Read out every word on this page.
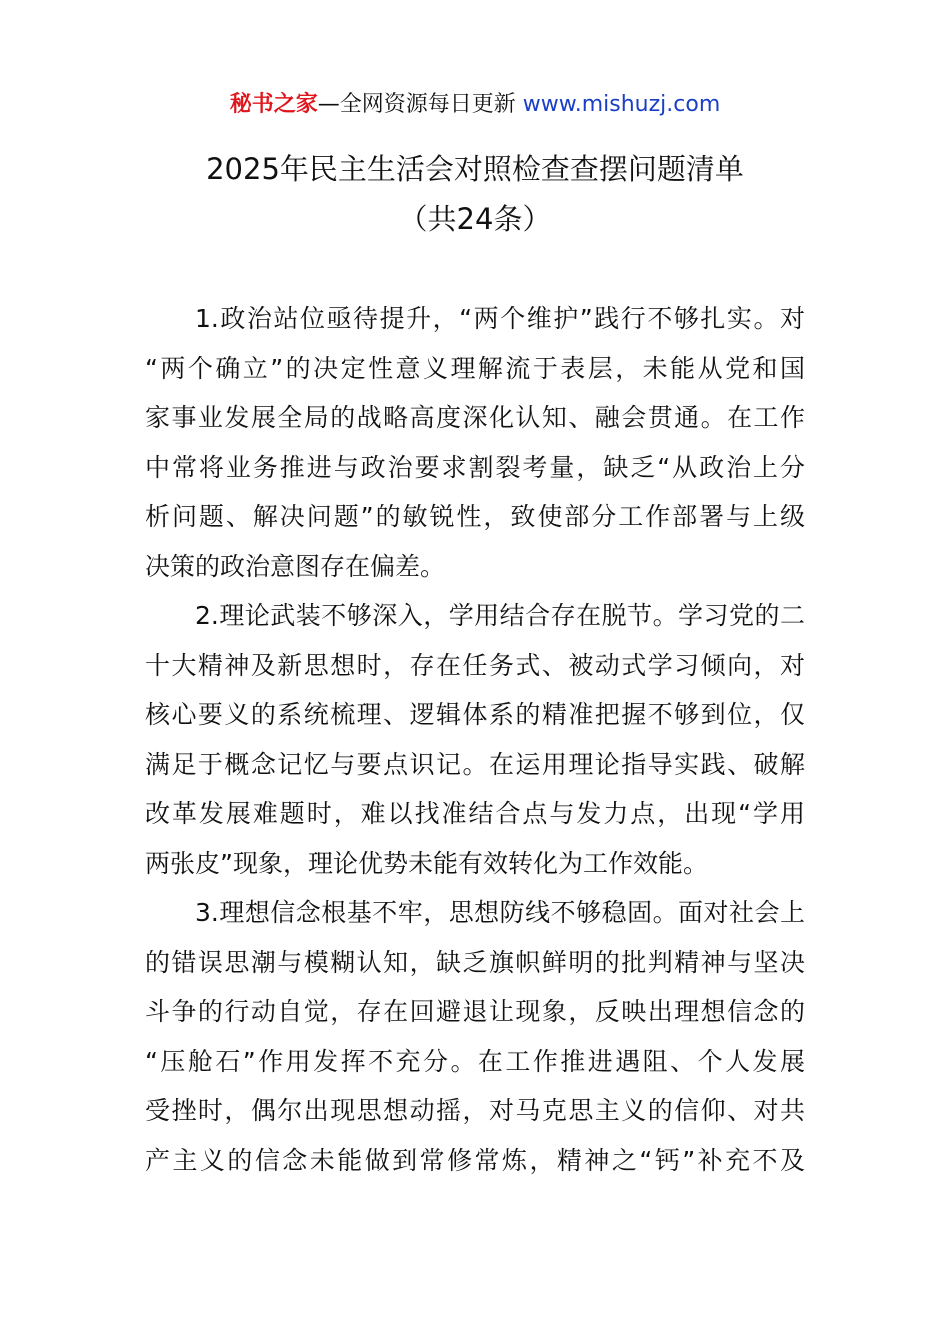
秘书之家—全网资源每日更新 www.mishuzj.com
2025年民主生活会对照检查查摆问题清单
（共24条）
1.政治站位亟待提升，“两个维护”践行不够扎实。对
“两个确立”的决定性意义理解流于表层，未能从党和国
家事业发展全局的战略高度深化认知、融会贯通。在工作
中常将业务推进与政治要求割裂考量，缺乏“从政治上分
析问题、解决问题”的敏锐性，致使部分工作部署与上级
决策的政治意图存在偏差。
2.理论武装不够深入，学用结合存在脱节。学习党的二
十大精神及新思想时，存在任务式、被动式学习倾向，对
核心要义的系统梳理、逻辑体系的精准把握不够到位，仅
满足于概念记忆与要点识记。在运用理论指导实践、破解
改革发展难题时，难以找准结合点与发力点，出现“学用
两张皮”现象，理论优势未能有效转化为工作效能。
3.理想信念根基不牢，思想防线不够稳固。面对社会上
的错误思潮与模糊认知，缺乏旗帜鲜明的批判精神与坚决
斗争的行动自觉，存在回避退让现象，反映出理想信念的
“压舱石”作用发挥不充分。在工作推进遇阻、个人发展
受挫时，偶尔出现思想动摇，对马克思主义的信仰、对共
产主义的信念未能做到常修常炼，精神之“钙”补充不及
